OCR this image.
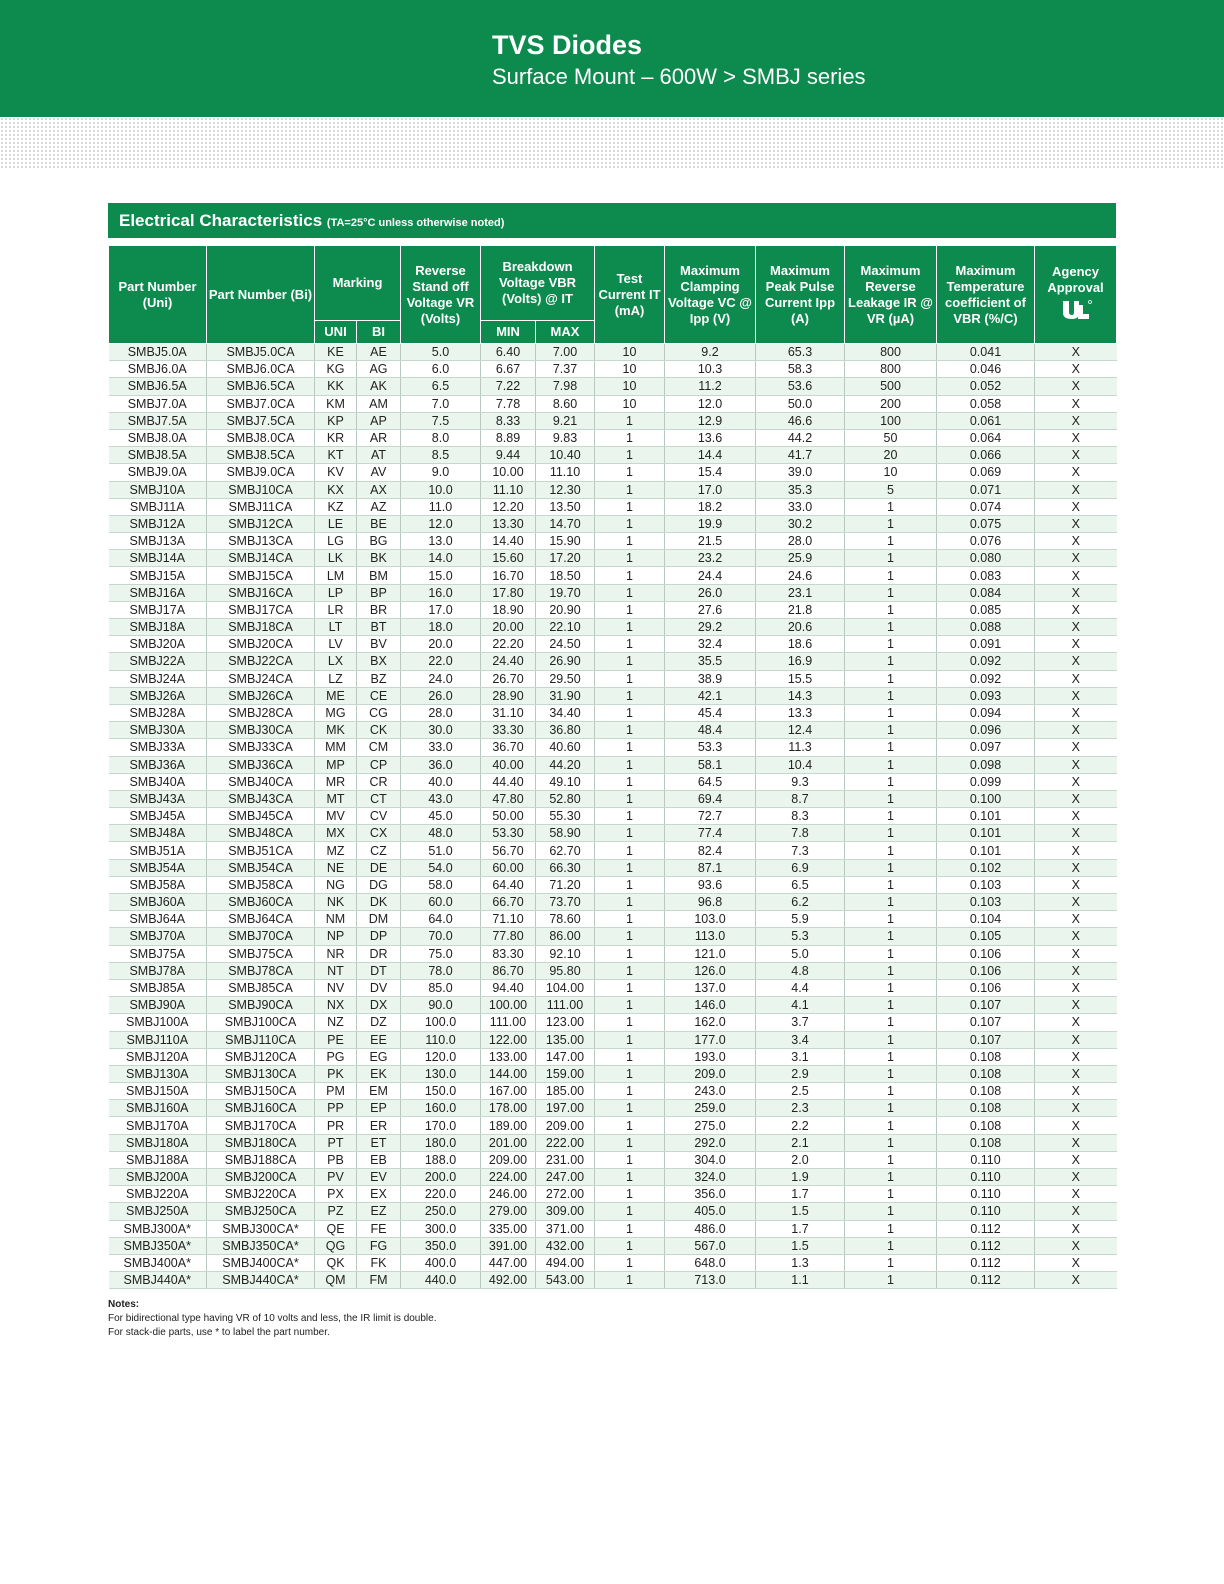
TVS Diodes
Surface Mount – 600W > SMBJ series
Electrical Characteristics (TA=25°C unless otherwise noted)
Part Number (Uni)	Part Number (Bi)	Marking		Reverse Stand off Voltage VR (Volts)	Breakdown Voltage VBR (Volts) @ IT		Test Current IT (mA)	Maximum Clamping Voltage VC @ Ipp (V)	Maximum Peak Pulse Current Ipp (A)	Maximum Reverse Leakage IR @ VR (µA)	Maximum Temperature coefficient of VBR (%/C)	Agency Approval

		UNI	BI		MIN	MAX						
SMBJ5.0A	SMBJ5.0CA	KE	AE	5.0	6.40	7.00	10	9.2	65.3	800	0.041	X
SMBJ6.0A	SMBJ6.0CA	KG	AG	6.0	6.67	7.37	10	10.3	58.3	800	0.046	X
SMBJ6.5A	SMBJ6.5CA	KK	AK	6.5	7.22	7.98	10	11.2	53.6	500	0.052	X
SMBJ7.0A	SMBJ7.0CA	KM	AM	7.0	7.78	8.60	10	12.0	50.0	200	0.058	X
SMBJ7.5A	SMBJ7.5CA	KP	AP	7.5	8.33	9.21	1	12.9	46.6	100	0.061	X
SMBJ8.0A	SMBJ8.0CA	KR	AR	8.0	8.89	9.83	1	13.6	44.2	50	0.064	X
SMBJ8.5A	SMBJ8.5CA	KT	AT	8.5	9.44	10.40	1	14.4	41.7	20	0.066	X
SMBJ9.0A	SMBJ9.0CA	KV	AV	9.0	10.00	11.10	1	15.4	39.0	10	0.069	X
SMBJ10A	SMBJ10CA	KX	AX	10.0	11.10	12.30	1	17.0	35.3	5	0.071	X
SMBJ11A	SMBJ11CA	KZ	AZ	11.0	12.20	13.50	1	18.2	33.0	1	0.074	X
SMBJ12A	SMBJ12CA	LE	BE	12.0	13.30	14.70	1	19.9	30.2	1	0.075	X
SMBJ13A	SMBJ13CA	LG	BG	13.0	14.40	15.90	1	21.5	28.0	1	0.076	X
SMBJ14A	SMBJ14CA	LK	BK	14.0	15.60	17.20	1	23.2	25.9	1	0.080	X
SMBJ15A	SMBJ15CA	LM	BM	15.0	16.70	18.50	1	24.4	24.6	1	0.083	X
SMBJ16A	SMBJ16CA	LP	BP	16.0	17.80	19.70	1	26.0	23.1	1	0.084	X
SMBJ17A	SMBJ17CA	LR	BR	17.0	18.90	20.90	1	27.6	21.8	1	0.085	X
SMBJ18A	SMBJ18CA	LT	BT	18.0	20.00	22.10	1	29.2	20.6	1	0.088	X
SMBJ20A	SMBJ20CA	LV	BV	20.0	22.20	24.50	1	32.4	18.6	1	0.091	X
SMBJ22A	SMBJ22CA	LX	BX	22.0	24.40	26.90	1	35.5	16.9	1	0.092	X
SMBJ24A	SMBJ24CA	LZ	BZ	24.0	26.70	29.50	1	38.9	15.5	1	0.092	X
SMBJ26A	SMBJ26CA	ME	CE	26.0	28.90	31.90	1	42.1	14.3	1	0.093	X
SMBJ28A	SMBJ28CA	MG	CG	28.0	31.10	34.40	1	45.4	13.3	1	0.094	X
SMBJ30A	SMBJ30CA	MK	CK	30.0	33.30	36.80	1	48.4	12.4	1	0.096	X
SMBJ33A	SMBJ33CA	MM	CM	33.0	36.70	40.60	1	53.3	11.3	1	0.097	X
SMBJ36A	SMBJ36CA	MP	CP	36.0	40.00	44.20	1	58.1	10.4	1	0.098	X
SMBJ40A	SMBJ40CA	MR	CR	40.0	44.40	49.10	1	64.5	9.3	1	0.099	X
SMBJ43A	SMBJ43CA	MT	CT	43.0	47.80	52.80	1	69.4	8.7	1	0.100	X
SMBJ45A	SMBJ45CA	MV	CV	45.0	50.00	55.30	1	72.7	8.3	1	0.101	X
SMBJ48A	SMBJ48CA	MX	CX	48.0	53.30	58.90	1	77.4	7.8	1	0.101	X
SMBJ51A	SMBJ51CA	MZ	CZ	51.0	56.70	62.70	1	82.4	7.3	1	0.101	X
SMBJ54A	SMBJ54CA	NE	DE	54.0	60.00	66.30	1	87.1	6.9	1	0.102	X
SMBJ58A	SMBJ58CA	NG	DG	58.0	64.40	71.20	1	93.6	6.5	1	0.103	X
SMBJ60A	SMBJ60CA	NK	DK	60.0	66.70	73.70	1	96.8	6.2	1	0.103	X
SMBJ64A	SMBJ64CA	NM	DM	64.0	71.10	78.60	1	103.0	5.9	1	0.104	X
SMBJ70A	SMBJ70CA	NP	DP	70.0	77.80	86.00	1	113.0	5.3	1	0.105	X
SMBJ75A	SMBJ75CA	NR	DR	75.0	83.30	92.10	1	121.0	5.0	1	0.106	X
SMBJ78A	SMBJ78CA	NT	DT	78.0	86.70	95.80	1	126.0	4.8	1	0.106	X
SMBJ85A	SMBJ85CA	NV	DV	85.0	94.40	104.00	1	137.0	4.4	1	0.106	X
SMBJ90A	SMBJ90CA	NX	DX	90.0	100.00	111.00	1	146.0	4.1	1	0.107	X
SMBJ100A	SMBJ100CA	NZ	DZ	100.0	111.00	123.00	1	162.0	3.7	1	0.107	X
SMBJ110A	SMBJ110CA	PE	EE	110.0	122.00	135.00	1	177.0	3.4	1	0.107	X
SMBJ120A	SMBJ120CA	PG	EG	120.0	133.00	147.00	1	193.0	3.1	1	0.108	X
SMBJ130A	SMBJ130CA	PK	EK	130.0	144.00	159.00	1	209.0	2.9	1	0.108	X
SMBJ150A	SMBJ150CA	PM	EM	150.0	167.00	185.00	1	243.0	2.5	1	0.108	X
SMBJ160A	SMBJ160CA	PP	EP	160.0	178.00	197.00	1	259.0	2.3	1	0.108	X
SMBJ170A	SMBJ170CA	PR	ER	170.0	189.00	209.00	1	275.0	2.2	1	0.108	X
SMBJ180A	SMBJ180CA	PT	ET	180.0	201.00	222.00	1	292.0	2.1	1	0.108	X
SMBJ188A	SMBJ188CA	PB	EB	188.0	209.00	231.00	1	304.0	2.0	1	0.110	X
SMBJ200A	SMBJ200CA	PV	EV	200.0	224.00	247.00	1	324.0	1.9	1	0.110	X
SMBJ220A	SMBJ220CA	PX	EX	220.0	246.00	272.00	1	356.0	1.7	1	0.110	X
SMBJ250A	SMBJ250CA	PZ	EZ	250.0	279.00	309.00	1	405.0	1.5	1	0.110	X
SMBJ300A*	SMBJ300CA*	QE	FE	300.0	335.00	371.00	1	486.0	1.7	1	0.112	X
SMBJ350A*	SMBJ350CA*	QG	FG	350.0	391.00	432.00	1	567.0	1.5	1	0.112	X
SMBJ400A*	SMBJ400CA*	QK	FK	400.0	447.00	494.00	1	648.0	1.3	1	0.112	X
SMBJ440A*	SMBJ440CA*	QM	FM	440.0	492.00	543.00	1	713.0	1.1	1	0.112	X
Notes:
For bidirectional type having VR of 10 volts and less, the IR limit is double.
For stack-die parts, use * to label the part number.
